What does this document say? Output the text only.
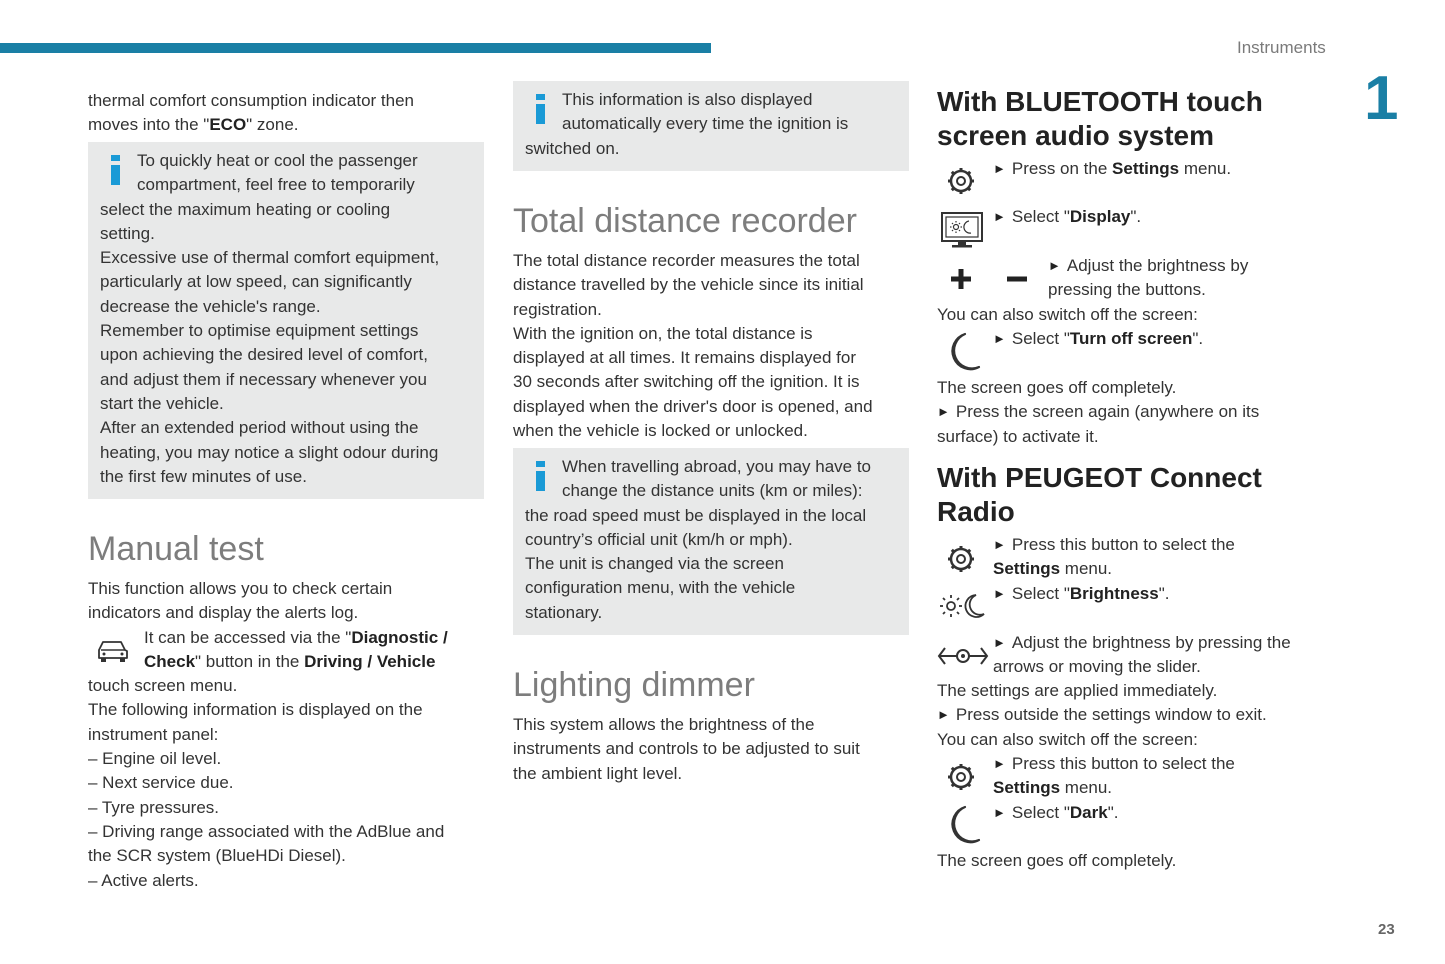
Instruments
1
23
thermal comfort consumption indicator then
moves into the "ECO" zone.
To quickly heat or cool the passenger
compartment, feel free to temporarily
select the maximum heating or cooling
setting.
Excessive use of thermal comfort equipment,
particularly at low speed, can significantly
decrease the vehicle's range.
Remember to optimise equipment settings
upon achieving the desired level of comfort,
and adjust them if necessary whenever you
start the vehicle.
After an extended period without using the
heating, you may notice a slight odour during
the first few minutes of use.
Manual test
This function allows you to check certain
indicators and display the alerts log.
It can be accessed via the "Diagnostic /
Check" button in the Driving / Vehicle
touch screen menu.
The following information is displayed on the
instrument panel:
– Engine oil level.
– Next service due.
– Tyre pressures.
– Driving range associated with the AdBlue and
the SCR system (BlueHDi Diesel).
– Active alerts.
This information is also displayed
automatically every time the ignition is
switched on.
Total distance recorder
The total distance recorder measures the total
distance travelled by the vehicle since its initial
registration.
With the ignition on, the total distance is
displayed at all times. It remains displayed for
30 seconds after switching off the ignition. It is
displayed when the driver's door is opened, and
when the vehicle is locked or unlocked.
When travelling abroad, you may have to
change the distance units (km or miles):
the road speed must be displayed in the local
country’s official unit (km/h or mph).
The unit is changed via the screen
configuration menu, with the vehicle
stationary.
Lighting dimmer
This system allows the brightness of the
instruments and controls to be adjusted to suit
the ambient light level.
With BLUETOOTH touch
screen audio system
► Press on the Settings menu.
► Select "Display".
► Adjust the brightness by
pressing the buttons.
You can also switch off the screen:
► Select "Turn off screen".
The screen goes off completely.
► Press the screen again (anywhere on its
surface) to activate it.
With PEUGEOT Connect
Radio
► Press this button to select the
Settings menu.
► Select "Brightness".
► Adjust the brightness by pressing the
arrows or moving the slider.
The settings are applied immediately.
► Press outside the settings window to exit.
You can also switch off the screen:
► Press this button to select the
Settings menu.
► Select "Dark".
The screen goes off completely.
